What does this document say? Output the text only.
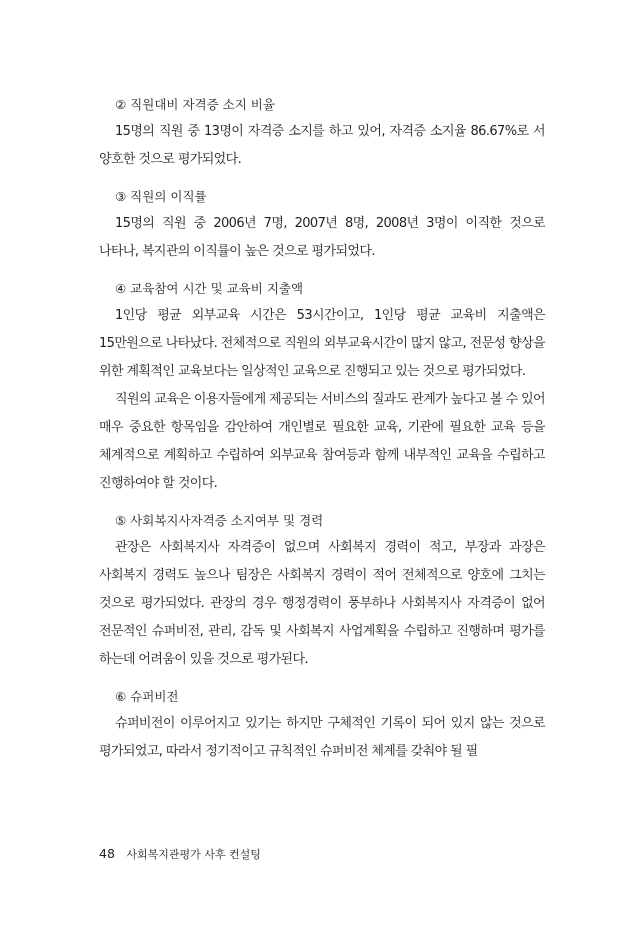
② 직원대비 자격증 소지 비율

15명의 직원 중 13명이 자격증 소지를 하고 있어, 자격증 소지율 86.67%로 서 양호한 것으로 평가되었다.

③ 직원의 이직률

15명의 직원 중 2006년 7명, 2007년 8명, 2008년 3명이 이직한 것으로 나타나, 복지관의 이직률이 높은 것으로 평가되었다.

④ 교육참여 시간 및 교육비 지출액

1인당 평균 외부교육 시간은 53시간이고, 1인당 평균 교육비 지출액은 15만원으로 나타났다. 전체적으로 직원의 외부교육시간이 많지 않고, 전문성 향상을 위한 계획적인 교육보다는 일상적인 교육으로 진행되고 있는 것으로 평가되었다.

직원의 교육은 이용자들에게 제공되는 서비스의 질과도 관계가 높다고 볼 수 있어 매우 중요한 항목임을 감안하여 개인별로 필요한 교육, 기관에 필요한 교육 등을 체계적으로 계획하고 수립하여 외부교육 참여등과 함께 내부적인 교육을 수립하고 진행하여야 할 것이다.

⑤ 사회복지사자격증 소지여부 및 경력

관장은 사회복지사 자격증이 없으며 사회복지 경력이 적고, 부장과 과장은 사회복지 경력도 높으나 팀장은 사회복지 경력이 적어 전체적으로 양호에 그치는 것으로 평가되었다. 관장의 경우 행정경력이 풍부하나 사회복지사 자격증이 없어 전문적인 슈퍼비전, 관리, 감독 및 사회복지 사업계획을 수립하고 진행하며 평가를 하는데 어려움이 있을 것으로 평가된다.

⑥ 슈퍼비전

슈퍼비전이 이루어지고 있기는 하지만 구체적인 기록이 되어 있지 않는 것으로 평가되었고, 따라서 정기적이고 규칙적인 슈퍼비전 체계를 갖춰야 될 필

48 사회복지관평가 사후 컨설팅
